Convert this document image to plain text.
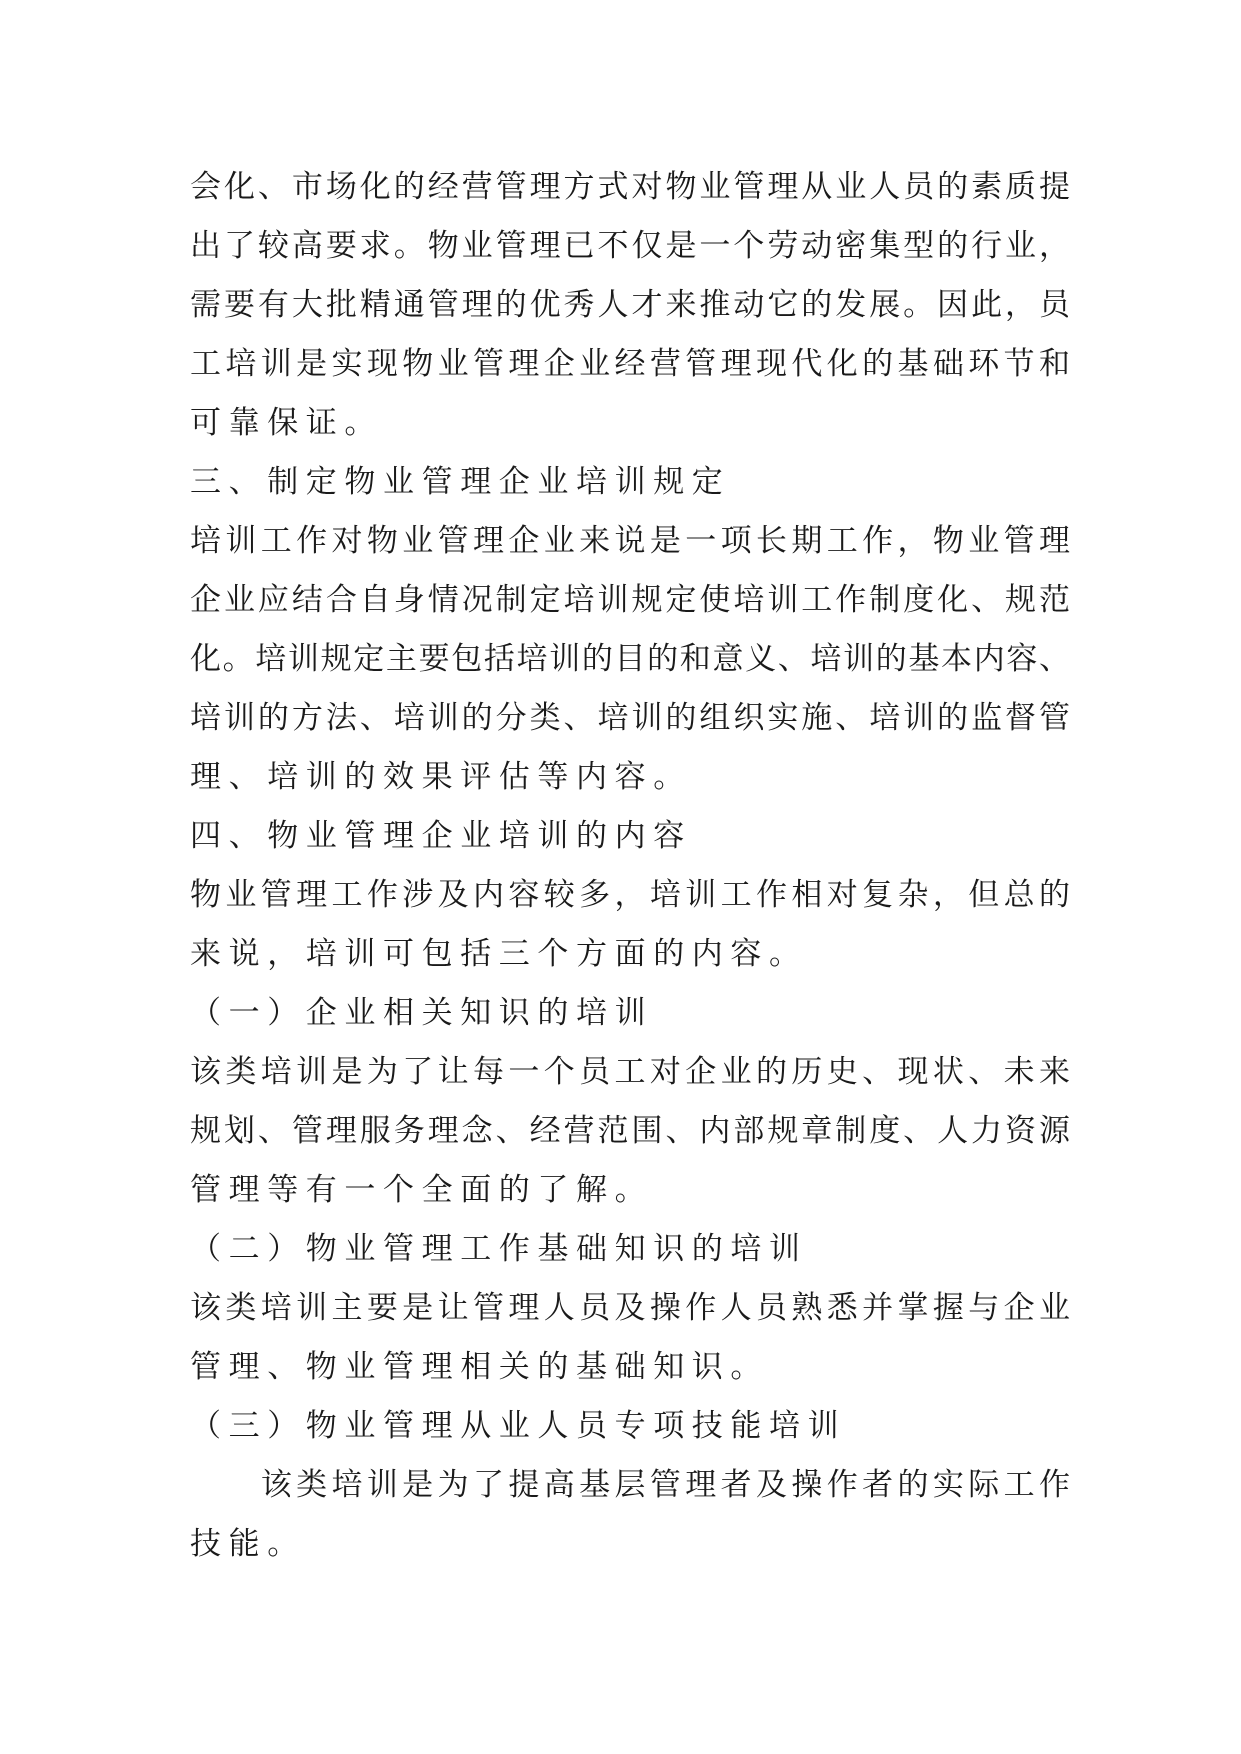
会化、市场化的经营管理方式对物业管理从业人员的素质提
出了较高要求。物业管理已不仅是一个劳动密集型的行业，
需要有大批精通管理的优秀人才来推动它的发展。因此，员
工培训是实现物业管理企业经营管理现代化的基础环节和
可靠保证。
三、制定物业管理企业培训规定
培训工作对物业管理企业来说是一项长期工作，物业管理
企业应结合自身情况制定培训规定使培训工作制度化、规范
化。培训规定主要包括培训的目的和意义、培训的基本内容、
培训的方法、培训的分类、培训的组织实施、培训的监督管
理、培训的效果评估等内容。
四、物业管理企业培训的内容
物业管理工作涉及内容较多，培训工作相对复杂，但总的
来说，培训可包括三个方面的内容。
（一）企业相关知识的培训
该类培训是为了让每一个员工对企业的历史、现状、未来
规划、管理服务理念、经营范围、内部规章制度、人力资源
管理等有一个全面的了解。
（二）物业管理工作基础知识的培训
该类培训主要是让管理人员及操作人员熟悉并掌握与企业
管理、物业管理相关的基础知识。
（三）物业管理从业人员专项技能培训
　　该类培训是为了提高基层管理者及操作者的实际工作
技能。
